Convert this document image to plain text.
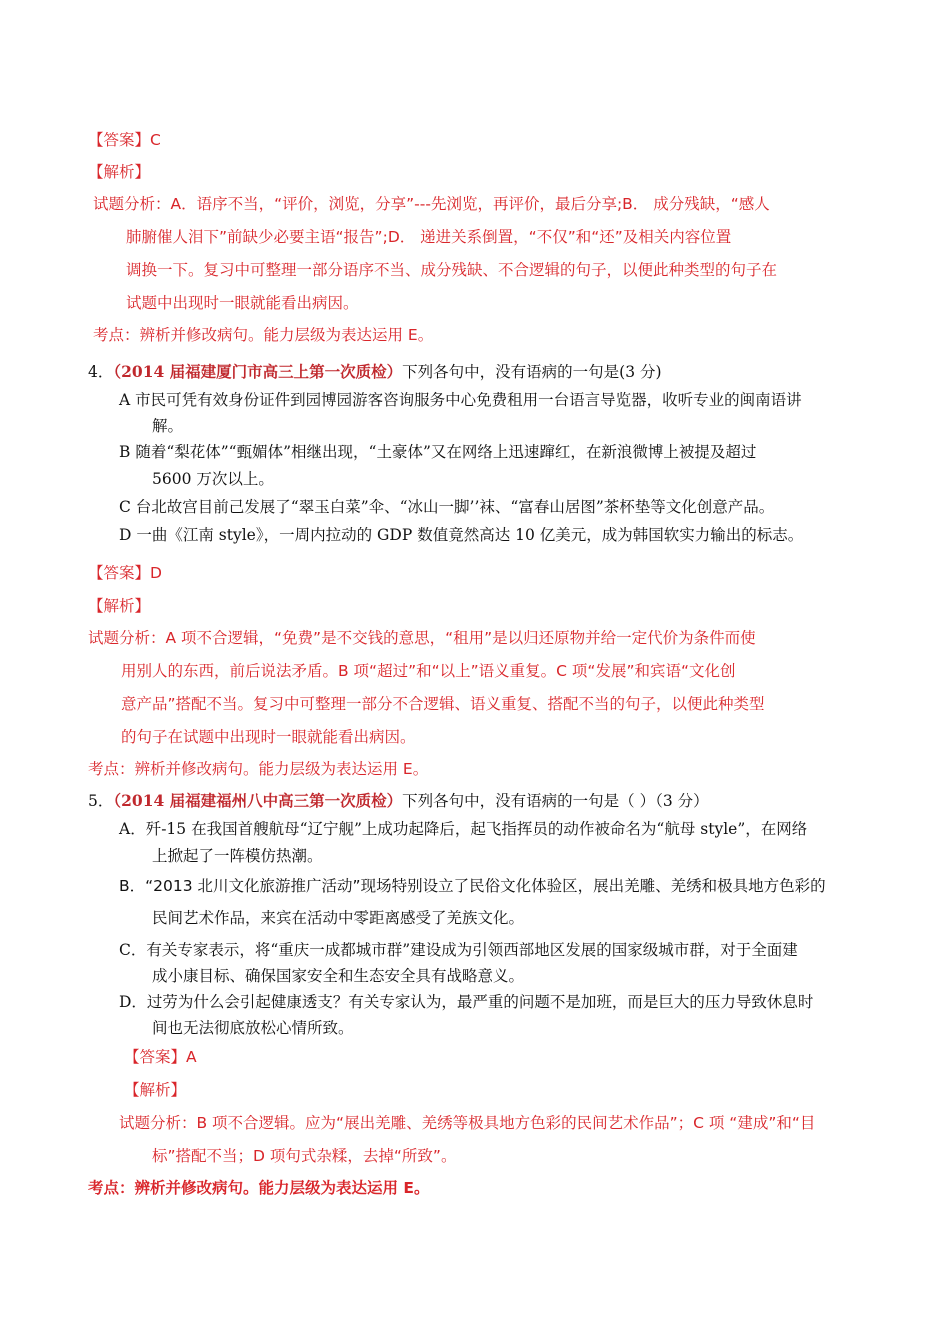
【答案】C
【解析】
试题分析：A．语序不当，“评价，浏览，分享”---先浏览，再评价，最后分享;B． 成分残缺，“感人
肺腑催人泪下”前缺少必要主语“报告”;D． 递进关系倒置，“不仅”和“还”及相关内容位置
调换一下。复习中可整理一部分语序不当、成分残缺、不合逻辑的句子，以便此种类型的句子在
试题中出现时一眼就能看出病因。
考点：辨析并修改病句。能力层级为表达运用 E。
4．（2014 届福建厦门市高三上第一次质检）下列各句中，没有语病的一句是(3 分)
A 市民可凭有效身份证件到园博园游客咨询服务中心免费租用一台语言导览器，收听专业的闽南语讲
解。
B 随着“梨花体”“甄媚体”相继出现，“土豪体”又在网络上迅速蹿红，在新浪微博上被提及超过
5600 万次以上。
C 台北故宫目前己发展了“翠玉白菜”伞、“冰山一脚’’袜、“富春山居图”茶杯垫等文化创意产品。
D 一曲《江南 style》，一周内拉动的 GDP 数值竟然高达 10 亿美元，成为韩国软实力输出的标志。
【答案】D
【解析】
试题分析：A 项不合逻辑，“免费”是不交钱的意思，“租用”是以归还原物并给一定代价为条件而使
用别人的东西，前后说法矛盾。B 项“超过”和“以上”语义重复。C 项“发展”和宾语“文化创
意产品”搭配不当。复习中可整理一部分不合逻辑、语义重复、搭配不当的句子，以便此种类型
的句子在试题中出现时一眼就能看出病因。
考点：辨析并修改病句。能力层级为表达运用 E。
5．（2014 届福建福州八中高三第一次质检）下列各句中，没有语病的一句是（ ）（3 分）
A．歼-15 在我国首艘航母“辽宁舰”上成功起降后，起飞指挥员的动作被命名为“航母 style”，在网络
上掀起了一阵模仿热潮。
B．“2013 北川文化旅游推广活动”现场特别设立了民俗文化体验区，展出羌雕、羌绣和极具地方色彩的
民间艺术作品，来宾在活动中零距离感受了羌族文化。
C．有关专家表示，将“重庆一成都城市群”建设成为引领西部地区发展的国家级城市群，对于全面建
成小康目标、确保国家安全和生态安全具有战略意义。
D．过劳为什么会引起健康透支？有关专家认为，最严重的问题不是加班，而是巨大的压力导致休息时
间也无法彻底放松心情所致。
【答案】A
【解析】
试题分析：B 项不合逻辑。应为“展出羌雕、羌绣等极具地方色彩的民间艺术作品”；C 项 “建成”和“目
标”搭配不当；D 项句式杂糅，去掉“所致”。
考点：辨析并修改病句。能力层级为表达运用 E。
